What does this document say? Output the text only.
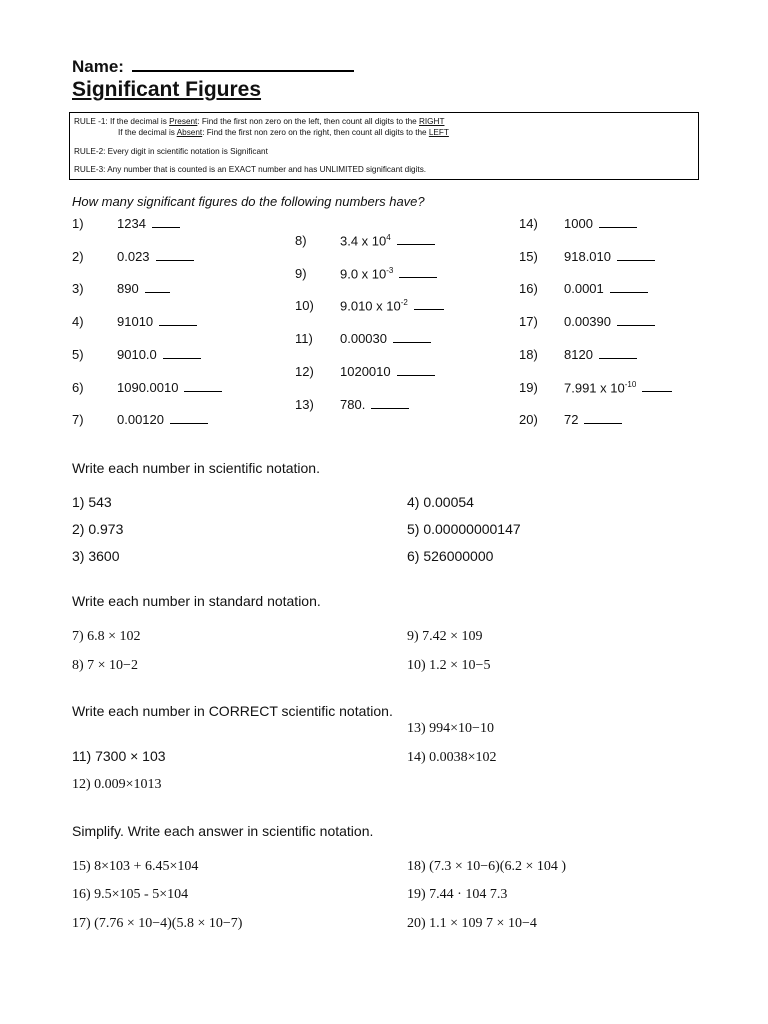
Name:
Significant Figures
RULE -1: If the decimal is Present: Find the first non zero on the left, then count all digits to the RIGHT
If the decimal is Absent: Find the first non zero on the right, then count all digits to the LEFT
RULE-2: Every digit in scientific notation is Significant
RULE-3: Any number that is counted is an EXACT number and has UNLIMITED significant digits.
How many significant figures do the following numbers have?
1)	1234
2)	0.023
3)	890
4)	91010
5)	9010.0
6)	1090.0010
7)	0.00120
8)	3.4 x $10^4$
9)	9.0 x $10^{-3}$
10) 9.010 x $10^{-2}$
11) 0.00030
12) 1020010
13) 780.
14) 1000
15) 918.010
16) 0.0001
17) 0.00390
18) 8120
19) 7.991 x $10^{-10}$
20) 72
Write each number in scientific notation.
1) 543
2) 0.973
3) 3600
4) 0.00054
5) 0.00000000147
6) 526000000
Write each number in standard notation.
7) 6.8 × 102
8) 7 × 10−2
9) 7.42 × 109
10) 1.2 × 10−5
Write each number in CORRECT scientific notation.
11) 7300 × 103
12) 0.009×1013
13) 994×10−10
14) 0.0038×102
Simplify. Write each answer in scientific notation.
15) 8×103 + 6.45×104
16) 9.5×105 - 5×104
17) (7.76 × 10−4)(5.8 × 10−7)
18) (7.3 × 10−6)(6.2 × 104 )
19) 7.44 · 104 7.3
20) 1.1 × 109 7 × 10−4
